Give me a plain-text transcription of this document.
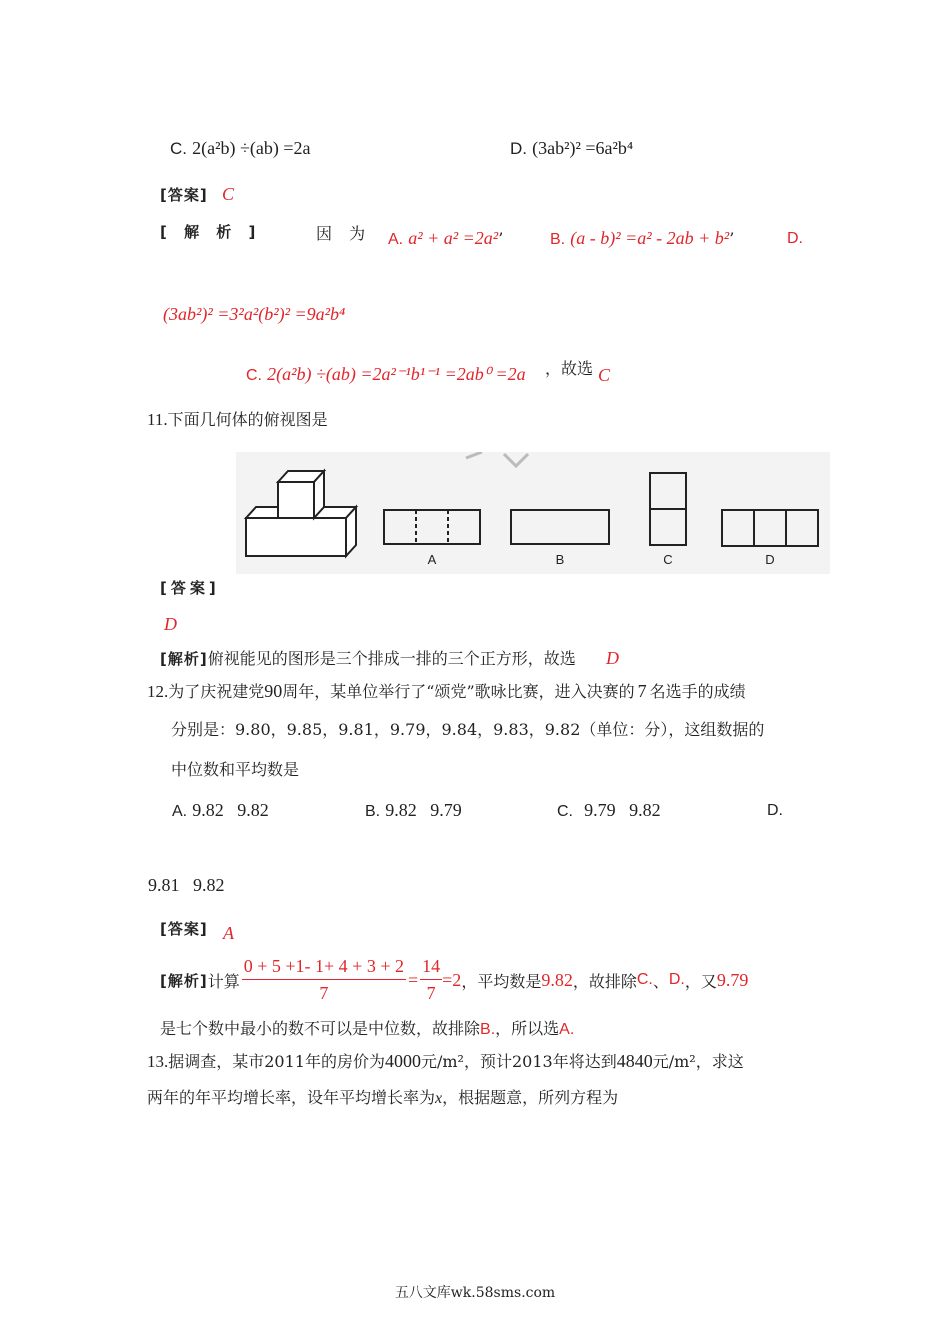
C. 2(a²b) ÷(ab) =2a	D. (3ab²)² =6a²b⁴
[答案] C
[ 解 析 ]	因 为 A. a² + a² =2a²’	B. (a - b)² =a² - 2ab + b²’	D.
(3ab²)² =3²a²(b²)² =9a²b⁴
C. 2(a²b) ÷(ab) =2a²⁻¹b¹⁻¹ =2ab⁰ =2a ，故选 C
11.下面几何体的俯视图是
A	B	C	D
[答案]
D
[解析]俯视能见的图形是三个排成一排的三个正方形，故选 D
12.为了庆祝建党90周年，某单位举行了“颂党”歌咏比赛，进入决赛的 7 名选手的成绩
分别是：9.80，9.85，9.81，9.79，9.84，9.83，9.82（单位：分），这组数据的
中位数和平均数是
A. 9.82   9.82	B. 9.82   9.79	C. 9.79   9.82	D.
9.81   9.82
[答案] A
[解析] 计算 $\frac{0 + 5 +1- 1+ 4 + 3 + 2}{7} = \frac{14}{7} =2$ ，平均数是 9.82 ，故排除 C. 、 D. ，又 9.79
是七个数中最小的数不可以是中位数，故排除B.，所以选A.
13.据调查，某市2011年的房价为4000元/m²，预计2013年将达到4840元/m²，求这
两年的年平均增长率，设年平均增长率为x，根据题意，所列方程为
五八文库wk.58sms.com
